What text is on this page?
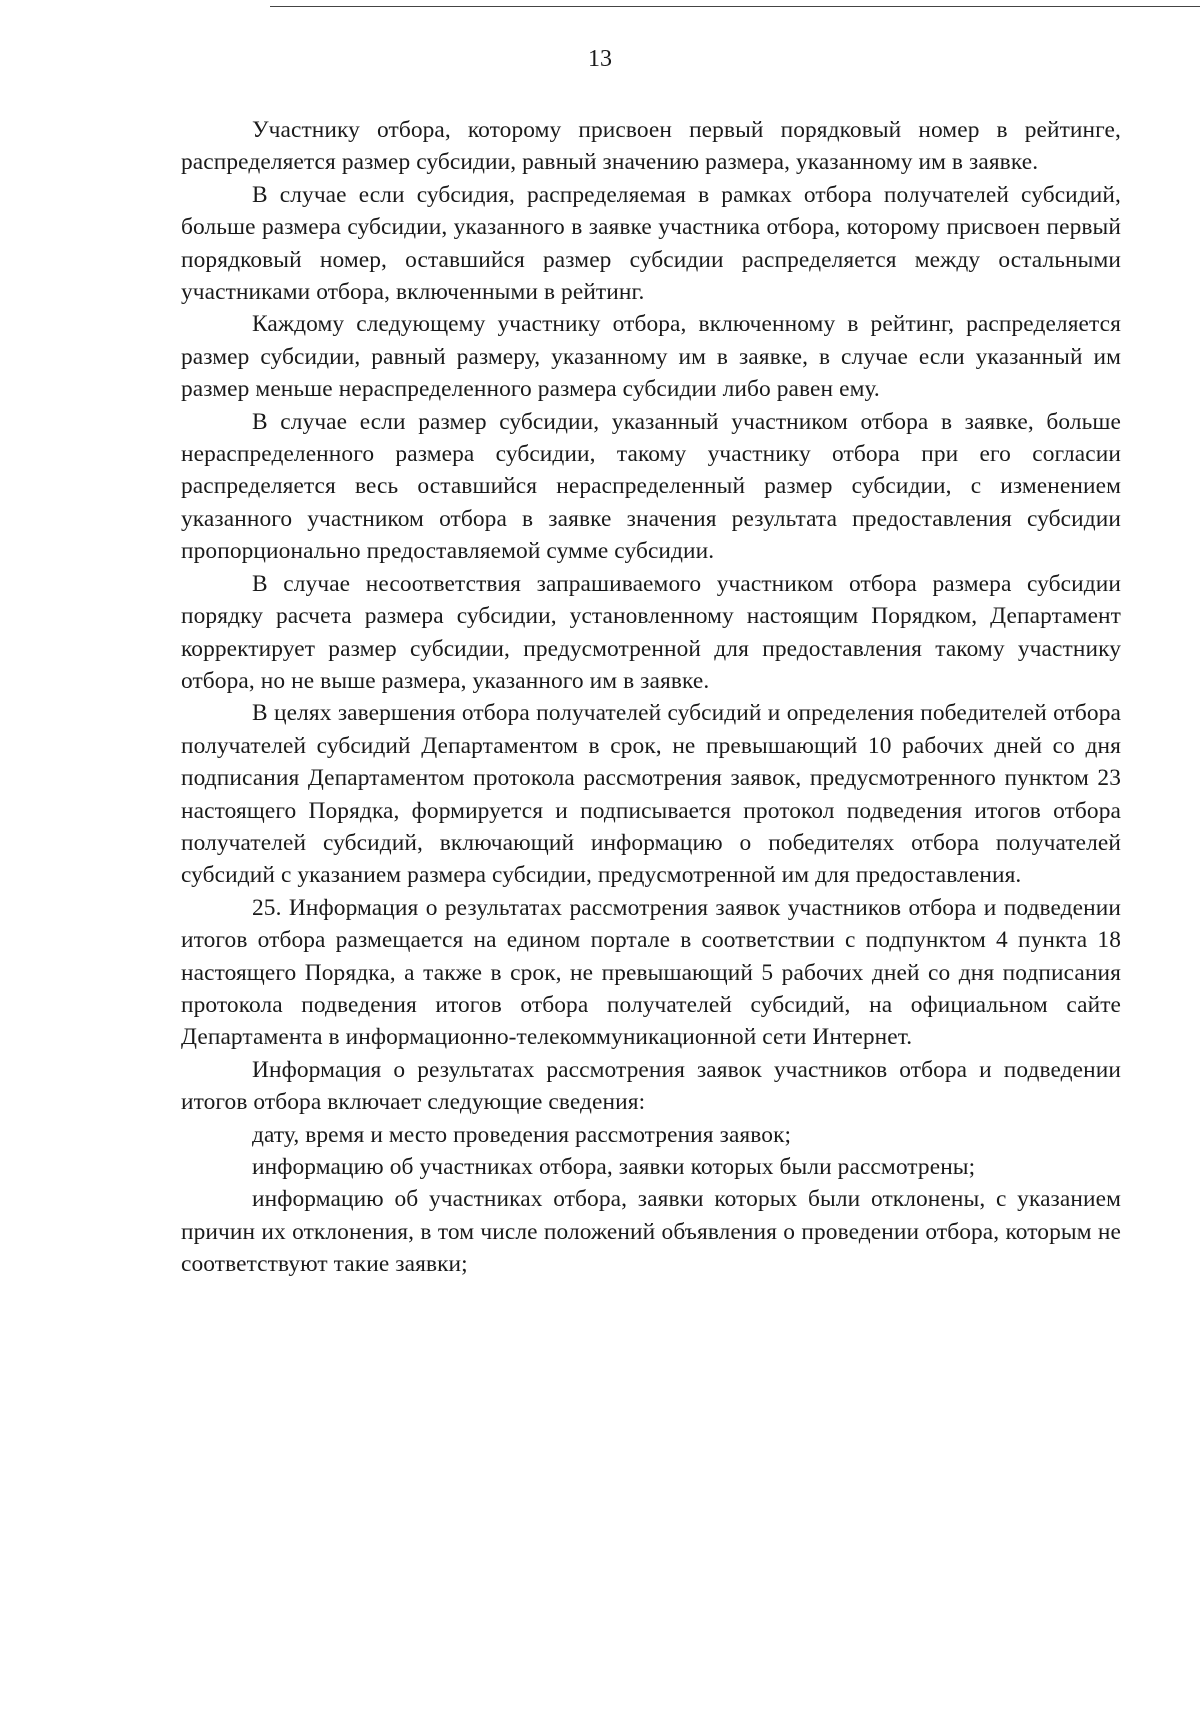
13

Участнику отбора, которому присвоен первый порядковый номер в рейтинге, распределяется размер субсидии, равный значению размера, указанному им в заявке.

В случае если субсидия, распределяемая в рамках отбора получателей субсидий, больше размера субсидии, указанного в заявке участника отбора, которому присвоен первый порядковый номер, оставшийся размер субсидии распределяется между остальными участниками отбора, включенными в рейтинг.

Каждому следующему участнику отбора, включенному в рейтинг, распределяется размер субсидии, равный размеру, указанному им в заявке, в случае если указанный им размер меньше нераспределенного размера субсидии либо равен ему.

В случае если размер субсидии, указанный участником отбора в заявке, больше нераспределенного размера субсидии, такому участнику отбора при его согласии распределяется весь оставшийся нераспределенный размер субсидии, с изменением указанного участником отбора в заявке значения результата предоставления субсидии пропорционально предоставляемой сумме субсидии.

В случае несоответствия запрашиваемого участником отбора размера субсидии порядку расчета размера субсидии, установленному настоящим Порядком, Департамент корректирует размер субсидии, предусмотренной для предоставления такому участнику отбора, но не выше размера, указанного им в заявке.

В целях завершения отбора получателей субсидий и определения победителей отбора получателей субсидий Департаментом в срок, не превышающий 10 рабочих дней со дня подписания Департаментом протокола рассмотрения заявок, предусмотренного пунктом 23 настоящего Порядка, формируется и подписывается протокол подведения итогов отбора получателей субсидий, включающий информацию о победителях отбора получателей субсидий с указанием размера субсидии, предусмотренной им для предоставления.

25. Информация о результатах рассмотрения заявок участников отбора и подведении итогов отбора размещается на едином портале в соответствии с подпунктом 4 пункта 18 настоящего Порядка, а также в срок, не превышающий 5 рабочих дней со дня подписания протокола подведения итогов отбора получателей субсидий, на официальном сайте Департамента в информационно-телекоммуникационной сети Интернет.

Информация о результатах рассмотрения заявок участников отбора и подведении итогов отбора включает следующие сведения:

дату, время и место проведения рассмотрения заявок;

информацию об участниках отбора, заявки которых были рассмотрены;

информацию об участниках отбора, заявки которых были отклонены, с указанием причин их отклонения, в том числе положений объявления о проведении отбора, которым не соответствуют такие заявки;
